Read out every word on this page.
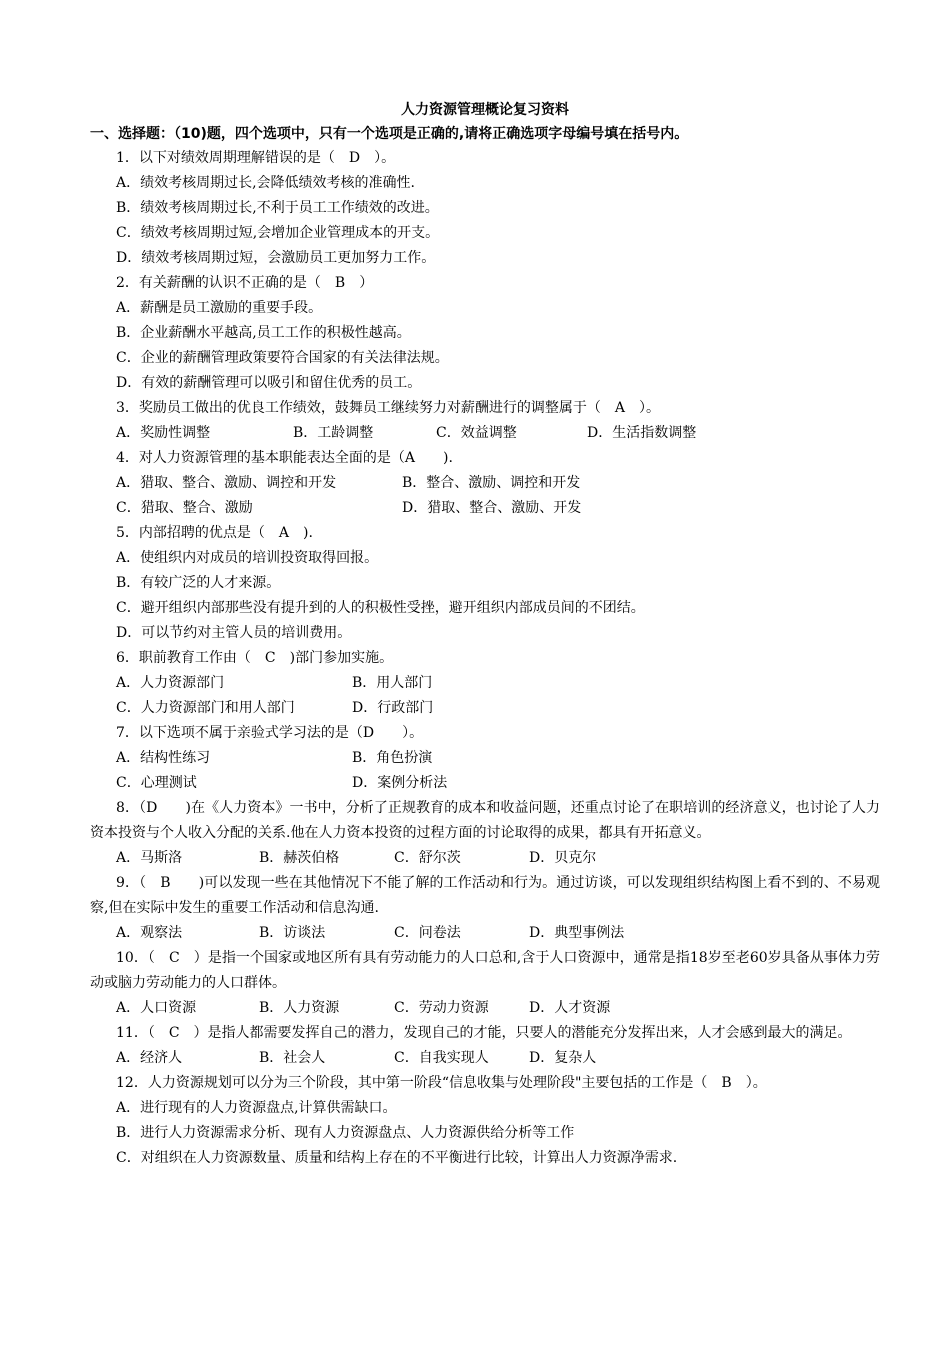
人力资源管理概论复习资料
一、选择题：（10)题，四个选项中，只有一个选项是正确的,请将正确选项字母编号填在括号内。
1．以下对绩效周期理解错误的是（　D　）。
A．绩效考核周期过长,会降低绩效考核的准确性.
B．绩效考核周期过长,不利于员工工作绩效的改进。
C．绩效考核周期过短,会增加企业管理成本的开支。
D．绩效考核周期过短，会激励员工更加努力工作。
2．有关薪酬的认识不正确的是（　B　）
A．薪酬是员工激励的重要手段。
B．企业薪酬水平越高,员工工作的积极性越高。
C．企业的薪酬管理政策要符合国家的有关法律法规。
D．有效的薪酬管理可以吸引和留住优秀的员工。
3．奖励员工做出的优良工作绩效，鼓舞员工继续努力对薪酬进行的调整属于（　A　）。
A．奖励性调整	B．工龄调整	C．效益调整	D．生活指数调整
4．对人力资源管理的基本职能表达全面的是（A　　).
A．猎取、整合、激励、调控和开发	B．整合、激励、调控和开发
C．猎取、整合、激励	D．猎取、整合、激励、开发
5．内部招聘的优点是（　A　).
A．使组织内对成员的培训投资取得回报。
B．有较广泛的人才来源。
C．避开组织内部那些没有提升到的人的积极性受挫，避开组织内部成员间的不团结。
D．可以节约对主管人员的培训费用。
6．职前教育工作由（　C　)部门参加实施。
A．人力资源部门	B．用人部门
C．人力资源部门和用人部门	D．行政部门
7．以下选项不属于亲验式学习法的是（D　　）。
A．结构性练习	B．角色扮演
C．心理测试	D．案例分析法
8．（D　　)在《人力资本》一书中，分析了正规教育的成本和收益问题，还重点讨论了在职培训的经济意义，也讨论了人力资本投资与个人收入分配的关系.他在人力资本投资的过程方面的讨论取得的成果，都具有开拓意义。
A．马斯洛	B．赫茨伯格	C．舒尔茨	D．贝克尔
9．（　B　　)可以发现一些在其他情况下不能了解的工作活动和行为。通过访谈，可以发现组织结构图上看不到的、不易观察,但在实际中发生的重要工作活动和信息沟通.
A．观察法	B．访谈法	C．问卷法	D．典型事例法
10．（　C　）是指一个国家或地区所有具有劳动能力的人口总和,含于人口资源中，通常是指18岁至老60岁具备从事体力劳动或脑力劳动能力的人口群体。
A．人口资源	B．人力资源	C．劳动力资源	D．人才资源
11．（　C　）是指人都需要发挥自己的潜力，发现自己的才能，只要人的潜能充分发挥出来，人才会感到最大的满足。
A．经济人	B．社会人	C．自我实现人	D．复杂人
12．人力资源规划可以分为三个阶段，其中第一阶段“信息收集与处理阶段"主要包括的工作是（　B　）。
A．进行现有的人力资源盘点,计算供需缺口。
B．进行人力资源需求分析、现有人力资源盘点、人力资源供给分析等工作
C．对组织在人力资源数量、质量和结构上存在的不平衡进行比较，计算出人力资源净需求.
